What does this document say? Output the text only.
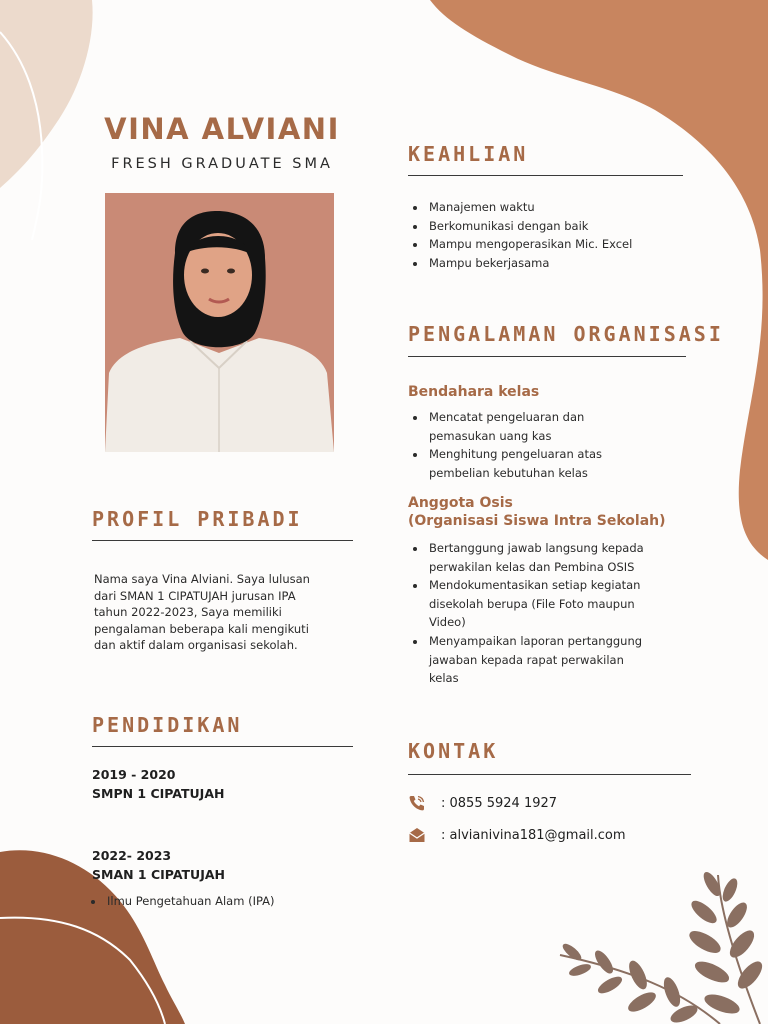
VINA ALVIANI
FRESH GRADUATE SMA
PROFIL PRIBADI
Nama saya Vina Alviani. Saya lulusan
dari SMAN 1 CIPATUJAH jurusan IPA
tahun 2022-2023, Saya memiliki
pengalaman beberapa kali mengikuti
dan aktif dalam organisasi sekolah.
PENDIDIKAN
2019 - 2020
SMPN 1 CIPATUJAH
2022- 2023
SMAN 1 CIPATUJAH
Ilmu Pengetahuan Alam (IPA)
KEAHLIAN
Manajemen waktu
Berkomunikasi dengan baik
Mampu mengoperasikan Mic. Excel
Mampu bekerjasama
PENGALAMAN ORGANISASI
Bendahara kelas
Mencatat pengeluaran dan
pemasukan uang kas
Menghitung pengeluaran atas
pembelian kebutuhan kelas
Anggota Osis
(Organisasi Siswa Intra Sekolah)
Bertanggung jawab langsung kepada
perwakilan kelas dan Pembina OSIS
Mendokumentasikan setiap kegiatan
disekolah berupa (File Foto maupun
Video)
Menyampaikan laporan pertanggung
jawaban kepada rapat perwakilan
kelas
KONTAK
: 0855 5924 1927
: alvianivina181@gmail.com
